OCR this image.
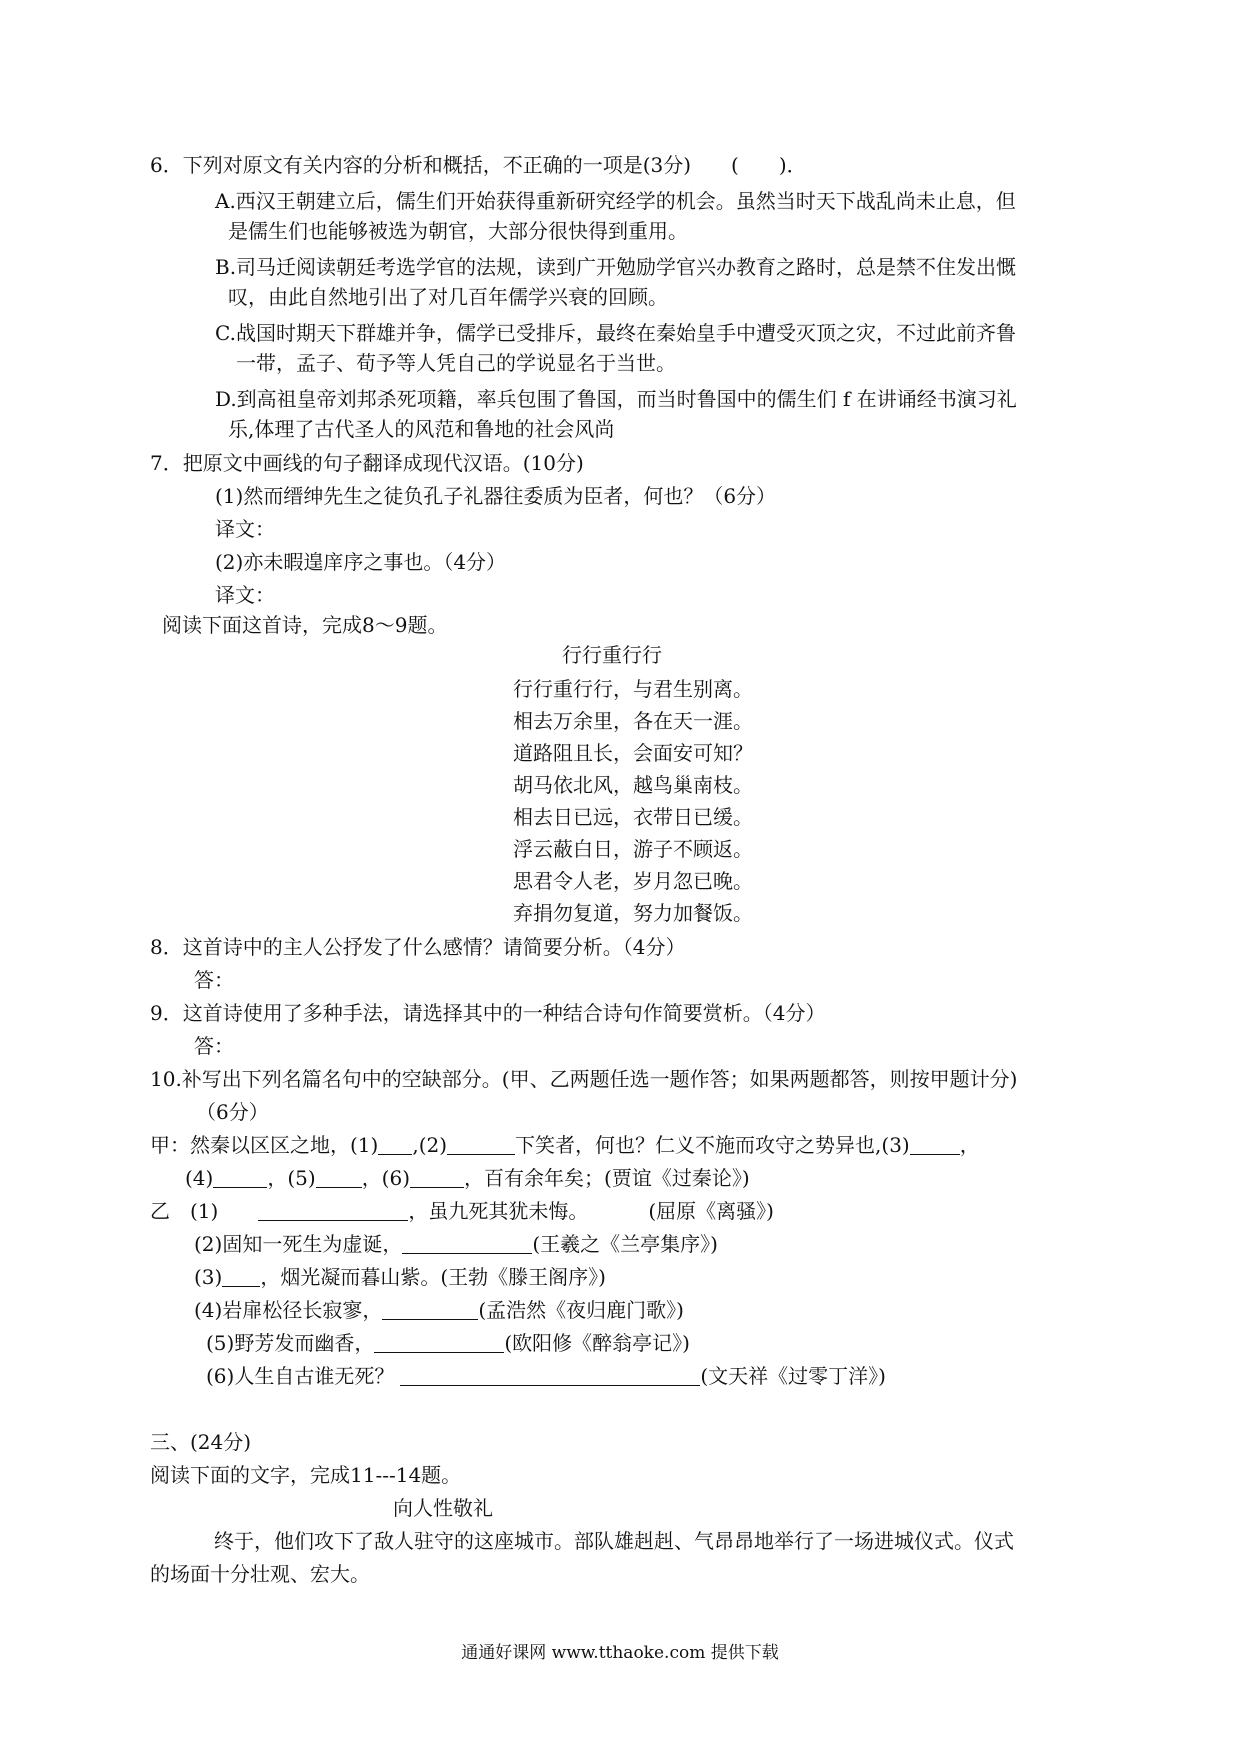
6．下列对原文有关内容的分析和概括，不正确的一项是(3分)　　(　　)．
A.西汉王朝建立后，儒生们开始获得重新研究经学的机会。虽然当时天下战乱尚未止息，但
是儒生们也能够被选为朝官，大部分很快得到重用。
B.司马迁阅读朝廷考选学官的法规，读到广开勉励学官兴办教育之路时，总是禁不住发出慨
叹，由此自然地引出了对几百年儒学兴衰的回顾。
C.战国时期天下群雄并争，儒学已受排斥，最终在秦始皇手中遭受灭顶之灾，不过此前齐鲁
一带，孟子、荀予等人凭自己的学说显名于当世。
D.到高祖皇帝刘邦杀死项籍，率兵包围了鲁国，而当时鲁国中的儒生们 f 在讲诵经书演习礼
乐,体理了古代圣人的风范和鲁地的社会风尚
7．把原文中画线的句子翻译成现代汉语。(10分)
(1)然而缙绅先生之徒负孔子礼器往委质为臣者，何也？（6分）
译文：
(2)亦未暇遑庠序之事也。（4分）
译文：
阅读下面这首诗，完成8～9题。
行行重行行
行行重行行，与君生别离。
相去万余里，各在天一涯。
道路阻且长，会面安可知？
胡马依北风，越鸟巢南枝。
相去日已远，衣带日已缓。
浮云蔽白日，游子不顾返。
思君令人老，岁月忽已晚。
弃捐勿复道，努力加餐饭。
8．这首诗中的主人公抒发了什么感情？请简要分析。（4分）
答：
9．这首诗使用了多种手法，请选择其中的一种结合诗句作简要赏析。（4分）
答：
10.补写出下列名篇名句中的空缺部分。(甲、乙两题任选一题作答；如果两题都答，则按甲题计分)
（6分）
甲：然秦以区区之地，(1) ,(2)	下笑者，何也？仁义不施而攻守之势异也,(3)	，
(4)	，(5) ，(6)	，百有余年矣；(贾谊《过秦论》)
乙　(1)	，虽九死其犹未悔。	(屈原《离骚》)
(2)固知一死生为虚诞，	(王羲之《兰亭集序》)
(3) ，烟光凝而暮山紫。(王勃《滕王阁序》)
(4)岩扉松径长寂寥，	(孟浩然《夜归鹿门歌》)
(5)野芳发而幽香，	(欧阳修《醉翁亭记》)
(6)人生自古谁无死？	(文天祥《过零丁洋》)
三、(24分)
阅读下面的文字，完成11---14题。
向人性敬礼
终于，他们攻下了敌人驻守的这座城市。部队雄赳赳、气昂昂地举行了一场进城仪式。仪式
的场面十分壮观、宏大。
通通好课网 www.tthaoke.com 提供下载
